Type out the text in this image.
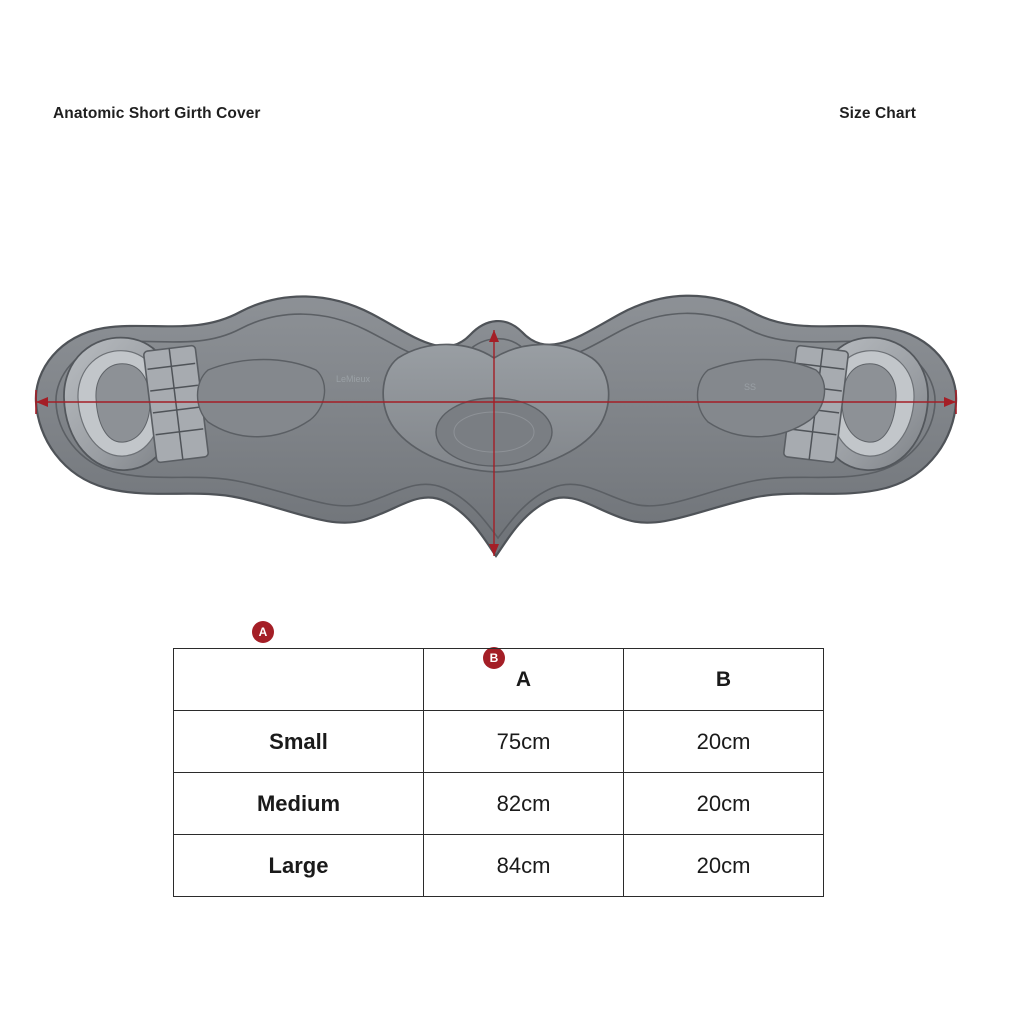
Anatomic Short Girth Cover	Size Chart
LeMieux
SS
A
B
	A	B
Small	75cm	20cm
Medium	82cm	20cm
Large	84cm	20cm
